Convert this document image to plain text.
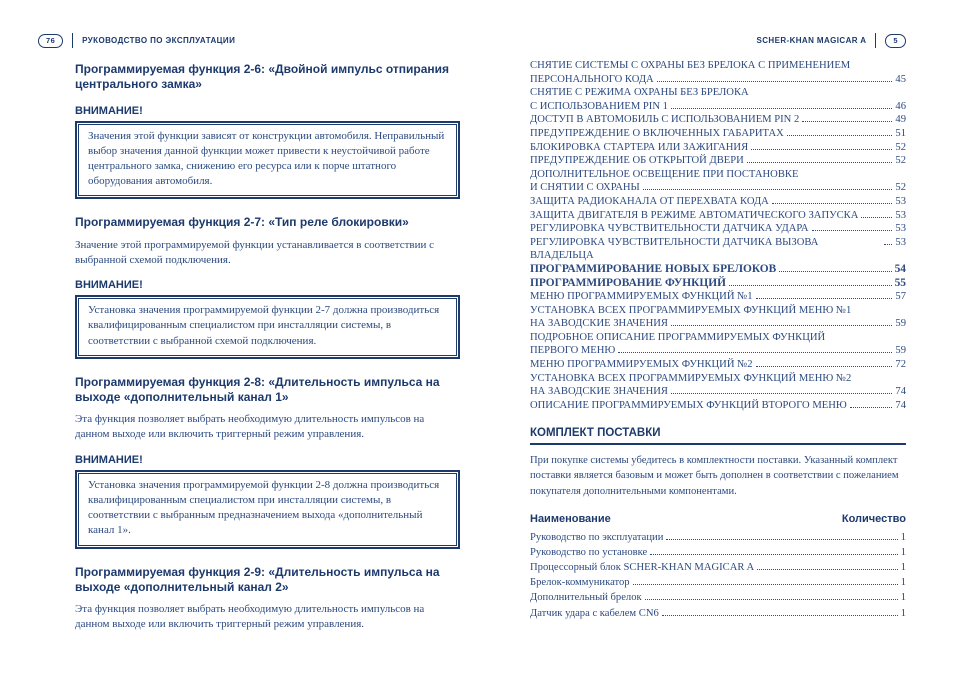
76	РУКОВОДСТВО ПО ЭКСПЛУАТАЦИИ
Программируемая функция 2-6: «Двойной импульс отпирания центрального замка»
ВНИМАНИЕ!
Значения этой функции зависят от конструкции автомобиля. Неправильный выбор значения данной функции может привести к неустойчивой работе центрального замка, снижению его ресурса или к порче штатного оборудования автомобиля.
Программируемая функция 2-7: «Тип реле блокировки»

Значение этой программируемой функции устанавливается в соответствии с выбранной схемой подключения.

ВНИМАНИЕ!
Установка значения программируемой функции 2-7 должна производиться квалифицированным специалистом при инсталляции системы, в соответствии с выбранной схемой подключения.
Программируемая функция 2-8: «Длительность импульса на выходе «дополнительный канал 1»

Эта функция позволяет выбрать необходимую длительность импульсов на данном выходе или включить триггерный режим управления.

ВНИМАНИЕ!
Установка значения программируемой функции 2-8 должна производиться квалифицированным специалистом при инсталляции системы, в соответствии с выбранным предназначением выхода «дополнительный канал 1».
Программируемая функция 2-9: «Длительность импульса на выходе «дополнительный канал 2»

Эта функция позволяет выбрать необходимую длительность импульсов на данном выходе или включить триггерный режим управления.

SCHER-KHAN MAGICAR A	5
СНЯТИЕ СИСТЕМЫ С ОХРАНЫ БЕЗ БРЕЛОКА С ПРИМЕНЕНИЕМ
ПЕРСОНАЛЬНОГО КОДА	45
СНЯТИЕ С РЕЖИМА ОХРАНЫ БЕЗ БРЕЛОКА
С ИСПОЛЬЗОВАНИЕМ PIN 1	46
ДОСТУП В АВТОМОБИЛЬ С ИСПОЛЬЗОВАНИЕМ PIN 2	49
ПРЕДУПРЕЖДЕНИЕ О ВКЛЮЧЕННЫХ ГАБАРИТАХ	51
БЛОКИРОВКА СТАРТЕРА ИЛИ ЗАЖИГАНИЯ	52
ПРЕДУПРЕЖДЕНИЕ ОБ ОТКРЫТОЙ ДВЕРИ	52
ДОПОЛНИТЕЛЬНОЕ ОСВЕЩЕНИЕ ПРИ ПОСТАНОВКЕ
И СНЯТИИ С ОХРАНЫ	52
ЗАЩИТА РАДИОКАНАЛА ОТ ПЕРЕХВАТА КОДА	53
ЗАЩИТА ДВИГАТЕЛЯ В РЕЖИМЕ АВТОМАТИЧЕСКОГО ЗАПУСКА	53
РЕГУЛИРОВКА ЧУВСТВИТЕЛЬНОСТИ ДАТЧИКА УДАРА	53
РЕГУЛИРОВКА ЧУВСТВИТЕЛЬНОСТИ ДАТЧИКА ВЫЗОВА ВЛАДЕЛЬЦА
53
ПРОГРАММИРОВАНИЕ НОВЫХ БРЕЛОКОВ	54
ПРОГРАММИРОВАНИЕ ФУНКЦИЙ	55
МЕНЮ ПРОГРАММИРУЕМЫХ ФУНКЦИЙ №1	57
УСТАНОВКА ВСЕХ ПРОГРАММИРУЕМЫХ ФУНКЦИЙ МЕНЮ №1
НА ЗАВОДСКИЕ ЗНАЧЕНИЯ	59
ПОДРОБНОЕ ОПИСАНИЕ ПРОГРАММИРУЕМЫХ ФУНКЦИЙ
ПЕРВОГО МЕНЮ	59
МЕНЮ ПРОГРАММИРУЕМЫХ ФУНКЦИЙ №2	72
УСТАНОВКА ВСЕХ ПРОГРАММИРУЕМЫХ ФУНКЦИЙ МЕНЮ №2
НА ЗАВОДСКИЕ ЗНАЧЕНИЯ	74
ОПИСАНИЕ ПРОГРАММИРУЕМЫХ ФУНКЦИЙ ВТОРОГО МЕНЮ	74
КОМПЛЕКТ ПОСТАВКИ
При покупке системы убедитесь в комплектности поставки. Указанный комплект поставки является базовым и может быть дополнен в соответствии с пожеланием покупателя дополнительными компонентами.
Наименование	Количество
Руководство по эксплуатации	1
Руководство по установке	1
Процессорный блок SCHER-KHAN MAGICAR A	1
Брелок-коммуникатор	1
Дополнительный брелок	1
Датчик удара с кабелем CN6	1
